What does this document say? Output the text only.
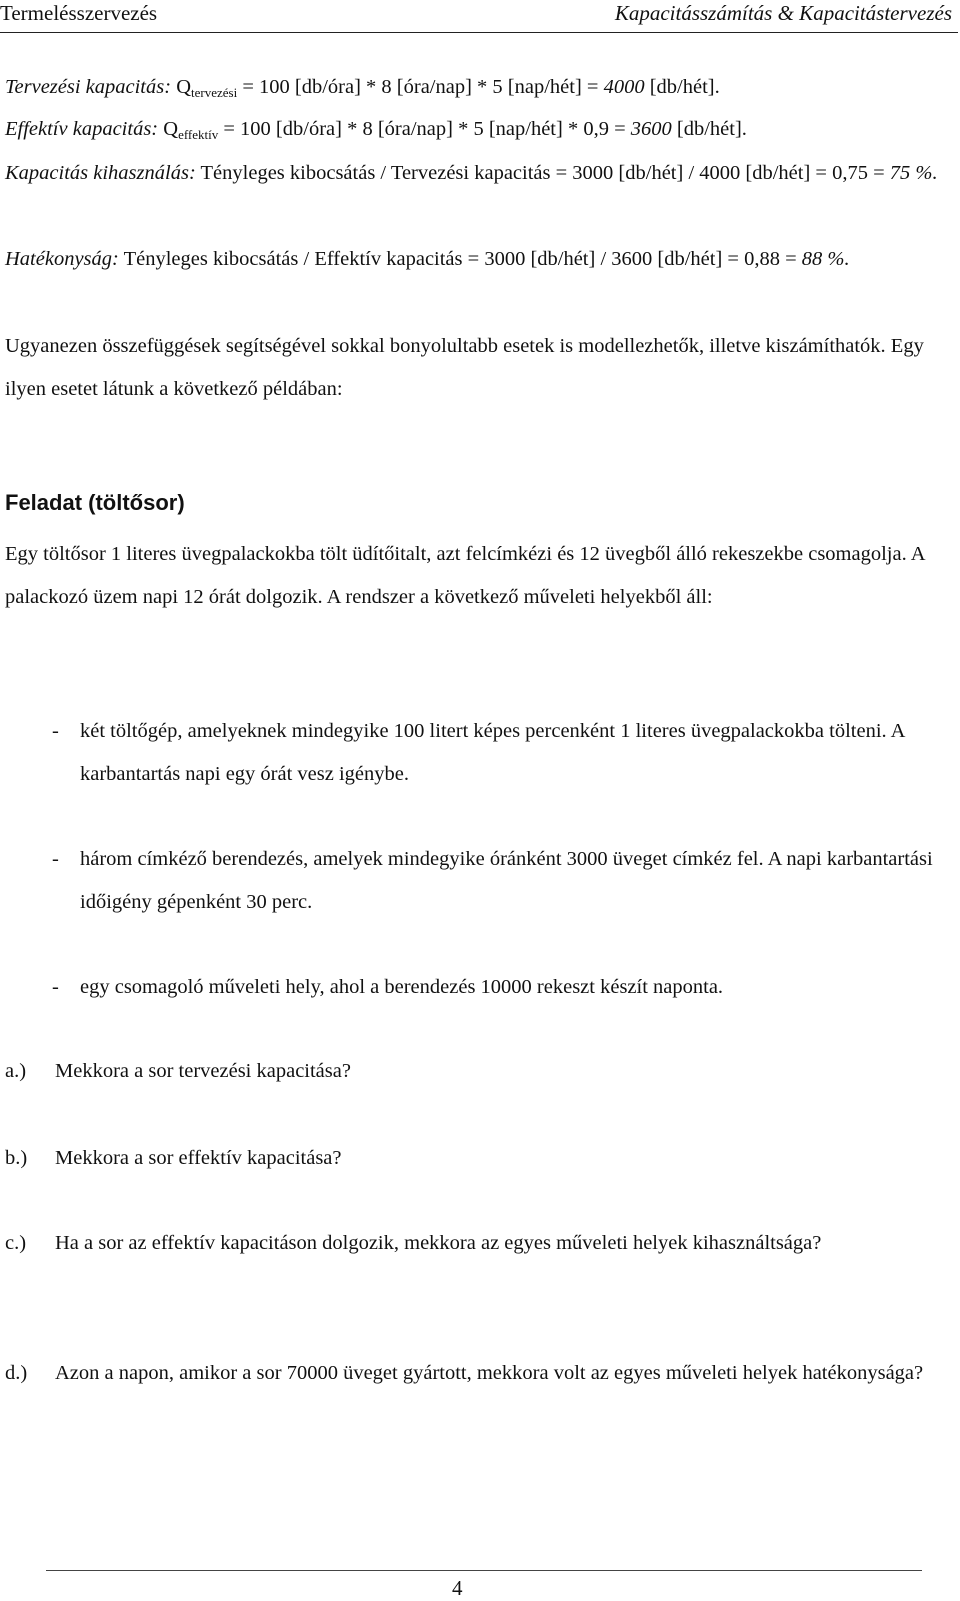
Termelésszervezés	Kapacitásszámítás & Kapacitástervezés

Tervezési kapacitás: $Q_{tervezési} = 100$ [db/óra] * 8 [óra/nap] * 5 [nap/hét] = 4000 [db/hét].

Effektív kapacitás: $Q_{effektív} = 100$ [db/óra] * 8 [óra/nap] * 5 [nap/hét] * 0,9 = 3600 [db/hét].

Kapacitás kihasználás: Tényleges kibocsátás / Tervezési kapacitás = 3000 [db/hét] / 4000 [db/hét] = 0,75 = 75 %.

Hatékonyság: Tényleges kibocsátás / Effektív kapacitás = 3000 [db/hét] / 3600 [db/hét] = 0,88 = 88 %.

Ugyanezen összefüggések segítségével sokkal bonyolultabb esetek is modellezhetők, illetve kiszámíthatók. Egy ilyen esetet látunk a következő példában:

Feladat (töltősor)

Egy töltősor 1 literes üvegpalackokba tölt üdítőitalt, azt felcímkézi és 12 üvegből álló rekeszekbe csomagolja. A palackozó üzem napi 12 órát dolgozik. A rendszer a következő műveleti helyekből áll:

- két töltőgép, amelyeknek mindegyike 100 litert képes percenként 1 literes üvegpalackokba tölteni. A karbantartás napi egy órát vesz igénybe.
- három címkéző berendezés, amelyek mindegyike óránként 3000 üveget címkéz fel. A napi karbantartási időigény gépenként 30 perc.
- egy csomagoló műveleti hely, ahol a berendezés 10000 rekeszt készít naponta.
a.) Mekkora a sor tervezési kapacitása?
b.) Mekkora a sor effektív kapacitása?
c.) Ha a sor az effektív kapacitáson dolgozik, mekkora az egyes műveleti helyek kihasználtsága?
d.) Azon a napon, amikor a sor 70000 üveget gyártott, mekkora volt az egyes műveleti helyek hatékonysága?
4
